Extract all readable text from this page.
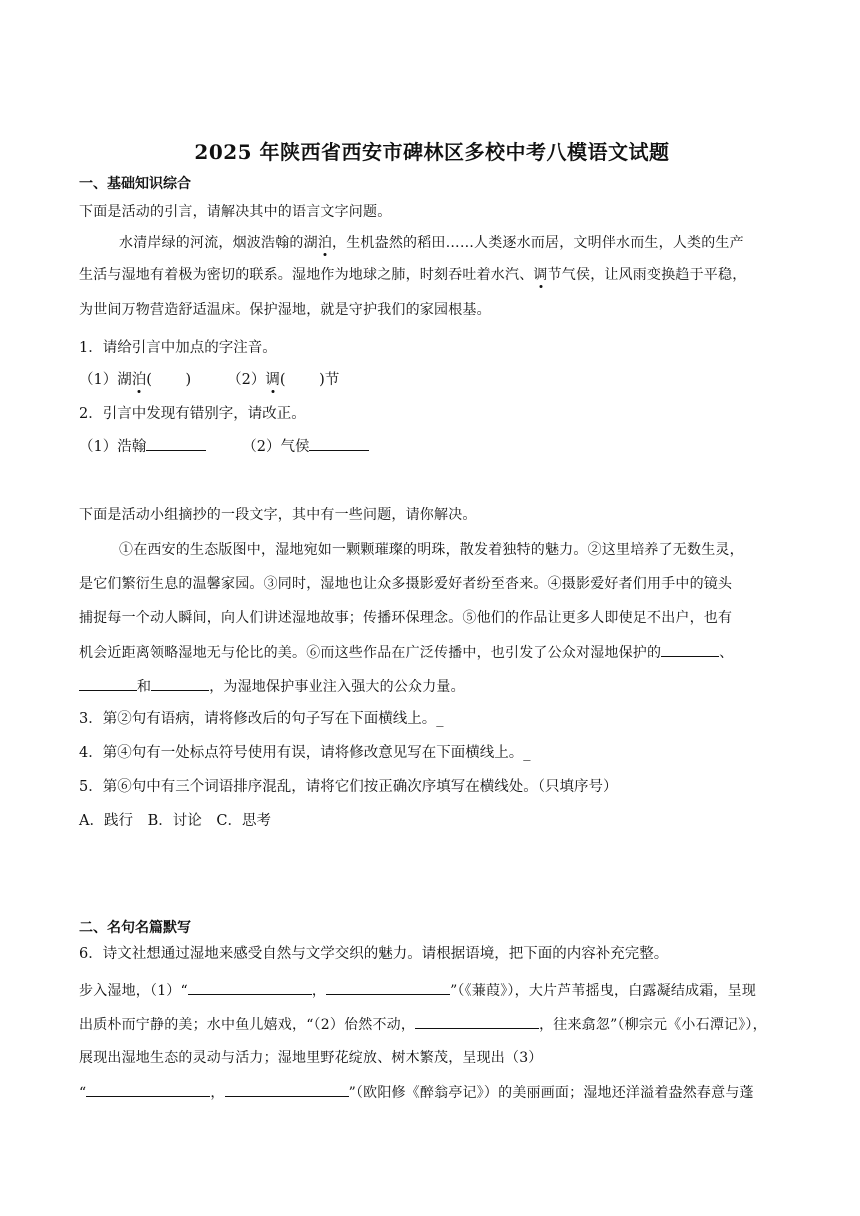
2025 年陕西省西安市碑林区多校中考八模语文试题
一、基础知识综合
下面是活动的引言，请解决其中的语言文字问题。
水清岸绿的河流，烟波浩翰的湖泊，生机盎然的稻田……人类逐水而居，文明伴水而生，人类的生产
生活与湿地有着极为密切的联系。湿地作为地球之肺，时刻吞吐着水汽、调节气侯，让风雨变换趋于平稳，
为世间万物营造舒适温床。保护湿地，就是守护我们的家园根基。
1．请给引言中加点的字注音。
（1）湖泊(　　 ) （2）调(　　 )节
2．引言中发现有错别字，请改正。
（1）浩翰	（2）气侯
下面是活动小组摘抄的一段文字，其中有一些问题，请你解决。
①在西安的生态版图中，湿地宛如一颗颗璀璨的明珠，散发着独特的魅力。②这里培养了无数生灵，
是它们繁衍生息的温馨家园。③同时，湿地也让众多摄影爱好者纷至沓来。④摄影爱好者们用手中的镜头
捕捉每一个动人瞬间，向人们讲述湿地故事；传播环保理念。⑤他们的作品让更多人即使足不出户，也有
机会近距离领略湿地无与伦比的美。⑥而这些作品在广泛传播中，也引发了公众对湿地保护的	、
和	，为湿地保护事业注入强大的公众力量。
3．第②句有语病，请将修改后的句子写在下面横线上。_
4．第④句有一处标点符号使用有误，请将修改意见写在下面横线上。_
5．第⑥句中有三个词语排序混乱，请将它们按正确次序填写在横线处。（只填序号）
A．践行 B．讨论 C．思考
二、名句名篇默写
6．诗文社想通过湿地来感受自然与文学交织的魅力。请根据语境，把下面的内容补充完整。
步入湿地，（1）“	，	”（《蒹葭》），大片芦苇摇曳，白露凝结成霜，呈现
出质朴而宁静的美；水中鱼儿嬉戏，“（2）佁然不动，	，往来翕忽”（柳宗元《小石潭记》），
展现出湿地生态的灵动与活力；湿地里野花绽放、树木繁茂，呈现出（3）
“	，	”（欧阳修《醉翁亭记》）的美丽画面；湿地还洋溢着盎然春意与蓬
